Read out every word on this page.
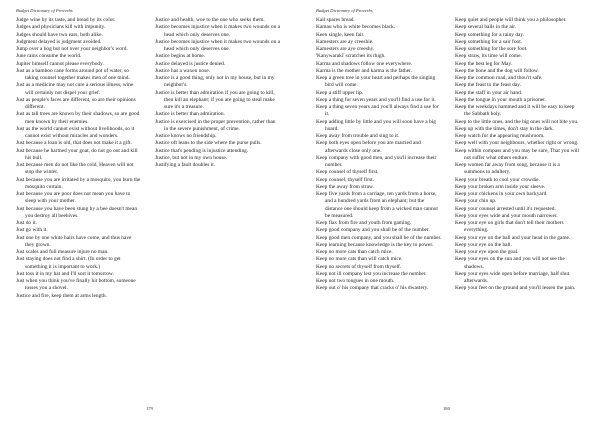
Budget Dictionary of Proverbs

Judge wine by its taste, and bread by its color.
Judges and physicians kill with impunity.
Judges should have two ears, both alike.
Judgment delayed is judgment avoided.
Jump over a hog but not over your neighbor's word.
June rains consume the world.
Jupiter himself cannot please everybody.
Just as a bamboo cane forms around pot of water, so taking counsel together makes men of one mind.
Just as a medicine may not cure a serious illness, wine will certainly not dispel your grief.
Just as people's faces are different, so are their opinions different.
Just as tall trees are known by their shadows, so are good men known by their enemies.
Just as the world cannot exist without livelihoods, so it cannot exist without miracles and wonders.
Just because a loan is old, that does not make it a gift.
Just because he harmed your goat, do not go out and kill his bull.
Just because men do not like the cold, Heaven will not stop the winter.
Just because you are irritated by a mosquito, you burn the mosquito curtain.
Just because you are poor does not mean you have to sleep with your mother.
Just because you have been stung by a bee doesn't mean you destroy all beehives.
Just do it.
Just go with it.
Just one by one white hairs have come, and thus have they grown.
Just scales and full measure injure no man.
Just staying does not find a shirt. (In order to get something it is important to work.)
Just toss it in my hat and I'll sort it tomorrow.
Just when you think you've finally hit bottom, someone tosses you a shovel.
Justice and fire, keep them at arms length.
Justice and health, woe to the one who seeks them.
Justice becomes injustice when it makes two wounds on a head which only deserves one.
Justice becomes injustice when it makes two wounds on a head which only deserves one.
Justice begins at home.
Justice delayed is justice denied.
Justice has a waxen nose.
Justice is a good thing, only not in my house, but in my neighbor's.
Justice is better than admiration if you are going to kill, then kill an elephant; if you are going to steal make sure it's a treasure.
Justice is better than admiration.
Justice is exercised in the proper prevention, rather than in the severe punishment, of crime.
Justice knows no friendship.
Justice oft leans to the side where the purse pulls.
Justice that's pending is injustice attending.
Justice, but not in my own house.
Justifying a fault doubles it.
179

Budget Dictionary of Proverbs

Kail spares bread.
Kamau who is white becomes black.
Keen single, keen fair.
Kamesters are ay creeshie.
Kamesters are aye creeshy.
'Kanywaraki' scratches its thigh.
Karma and shadows follow one everywhere.
Karma is the mother and karma is the father.
Keep a green tree in your heart and perhaps the singing bird will come.
Keep a stiff upper lip.
Keep a thing for seven years and you'll find a use for it.
Keep a thing seven years and you'll always find a use for it.
Keep adding little by little and you will soon have a big hoard.
Keep away from trouble and sing to it.
Keep both eyes open before you are married and afterwards close only one.
Keep company with good men, and you'll increase their number.
Keep counsel of thyself first.
Keep counsel, thyself first.
Keep the away from straw.
Keep five yards from a carriage, ten yards from a horse, and a hundred yards from an elephant; but the distance one should keep from a wicked man cannot be measured.
Keep flax from fire and youth from gaming.
Keep good company and you shall be of the number.
Keep good men company, and you shall be of the number.
Keep learning because knowledge is the key to power.
Keep no more cats than catch mice.
Keep no more cats than will catch mice.
Keep no secrets of thyself from thyself.
Keep not ill company lest you increase the number.
Keep not two tongues in one mouth.
Keep out o' his company that cracks o' his dwastery.
Keep quiet and people will think you a philosopher.
Keep several balls in the air.
Keep something for a rainy day.
Keep something for a sair foot.
Keep something for the sore foot.
Keep straw, its time will come.
Keep the best leg for May.
Keep the bone and the dog will follow.
Keep the common road, and thou'rt safe.
Keep the feast to the feast day.
Keep the staff in your air hand.
Keep the tongue in your mouth a prisoner.
Keep the weekdays hammed and it will be easy to keep the Sabbath holy.
Keep to the little ones, and the big ones will not bite you.
Keep up with the times, don't stay in the dark.
Keep watch for the appearing mushroom.
Keep well with your neighbours, whether right or wrong.
Keep within compass and you may be sure, That you will not suffer what others endure.
Keep women far away from song, because it is a summons to adultery.
Keep your breath to cool your crowdie.
Keep your broken arm inside your sleeve.
Keep your chickens in your own backyard.
Keep your chin up.
Keep your counsel arrested until it's requested.
Keep your eyes wide and your mouth narrower.
Keep your eye on girls that don't tell their mothers everything.
Keep your eye on the ball and your head in the game.
Keep your eye on the ball.
Keep your eye upon the goal.
Keep your eyes on the sun and you will not see the shadows.
Keep your eyes wide open before marriage, half shut afterwards.
Keep your feet on the ground and you'll lessen the pain.
180
